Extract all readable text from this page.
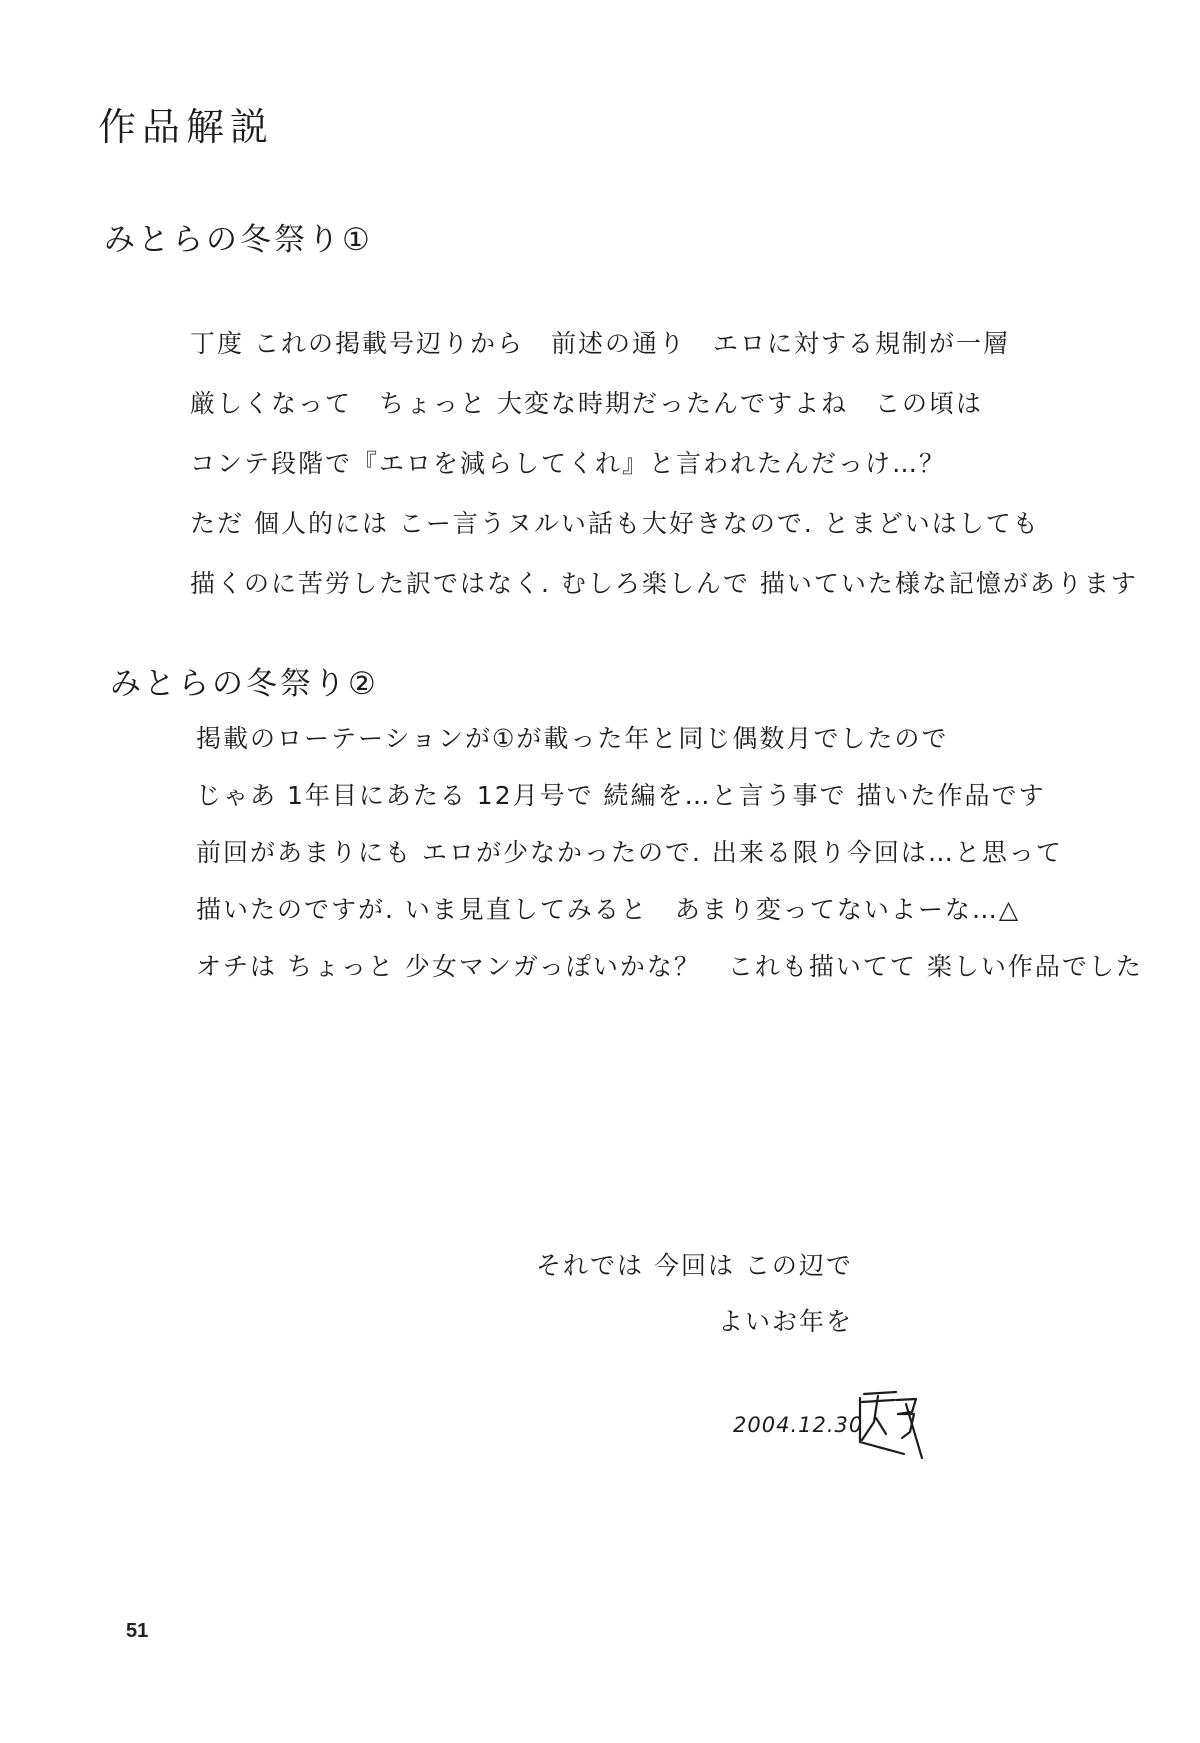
作品解説
みとらの冬祭り①
丁度 これの掲載号辺りから　前述の通り　エロに対する規制が一層
厳しくなって　ちょっと 大変な時期だったんですよね　この頃は
コンテ段階で『エロを減らしてくれ』と言われたんだっけ…？
ただ 個人的には こー言うヌルい話も大好きなので. とまどいはしても
描くのに苦労した訳ではなく. むしろ楽しんで 描いていた様な記憶があります
みとらの冬祭り②
掲載のローテーションが①が載った年と同じ偶数月でしたので
じゃあ 1年目にあたる 12月号で 続編を…と言う事で 描いた作品です
前回があまりにも エロが少なかったので. 出来る限り今回は…と思って
描いたのですが. いま見直してみると　あまり変ってないよーな…△
オチは ちょっと 少女マンガっぽいかな？　これも描いてて 楽しい作品でした
それでは 今回は この辺で
よいお年を
2004.12.30
51
